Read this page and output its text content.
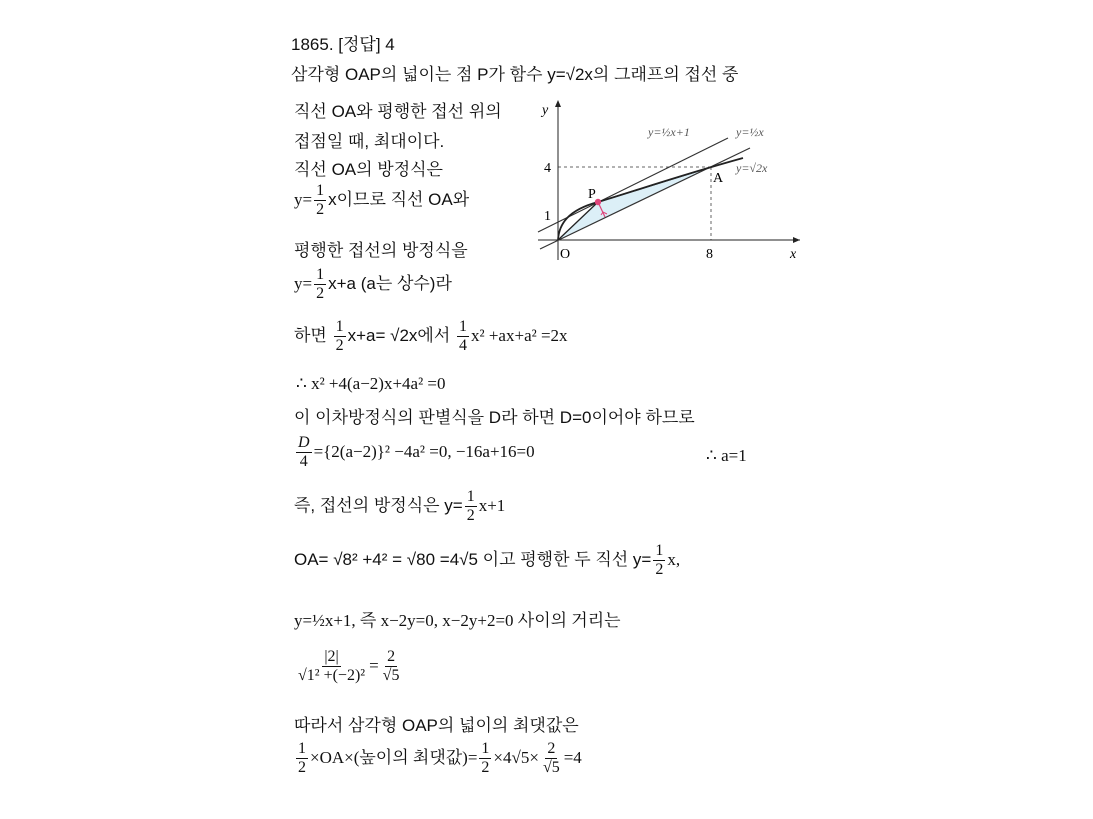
1865. [정답] 4
삼각형 OAP의 넓이는 점 P가 함수 y=√2x의 그래프의 접선 중
직선 OA와 평행한 접선 위의
접점일 때, 최대이다.
직선 OA의 방정식은
$y= \frac{1}{2}$ x이므로 직선 OA와
평행한 접선의 방정식을
$y= \frac{1}{2} x+a$ (a는 상수)라
하면 $\frac{1}{2} x+a= √2x$에서 $\frac{1}{4} x^2 +ax+a^2 =2x$
∴ x² +4(a−2)x+4a² =0
이 이차방정식의 판별식을 D라 하면 D=0이어야 하므로
$\frac{D}{4} =\{2(a-2)\}^2 -4a^2 =0$, −16a+16=0	∴ a=1
즉, 접선의 방정식은 $y= \frac{1}{2} x+1$
OA= √8² +4² = √80 =4√5 이고 평행한 두 직선 $y= \frac{1}{2} x$,
y=½x+1, 즉 x−2y=0, x−2y+2=0 사이의 거리는
$\frac{|2|}{\text{√1² +(−2)²}} = \frac{2}{√5}$
따라서 삼각형 OAP의 넓이의 최댓값은
$\frac{1}{2} \times OA\times$(높이의 최댓값)= $\frac{1}{2} \times 4√5\times \frac{2}{√5} =4$
y
x
O
4
1
8
P
A
y=½x+1	y=½x
y=√2x
